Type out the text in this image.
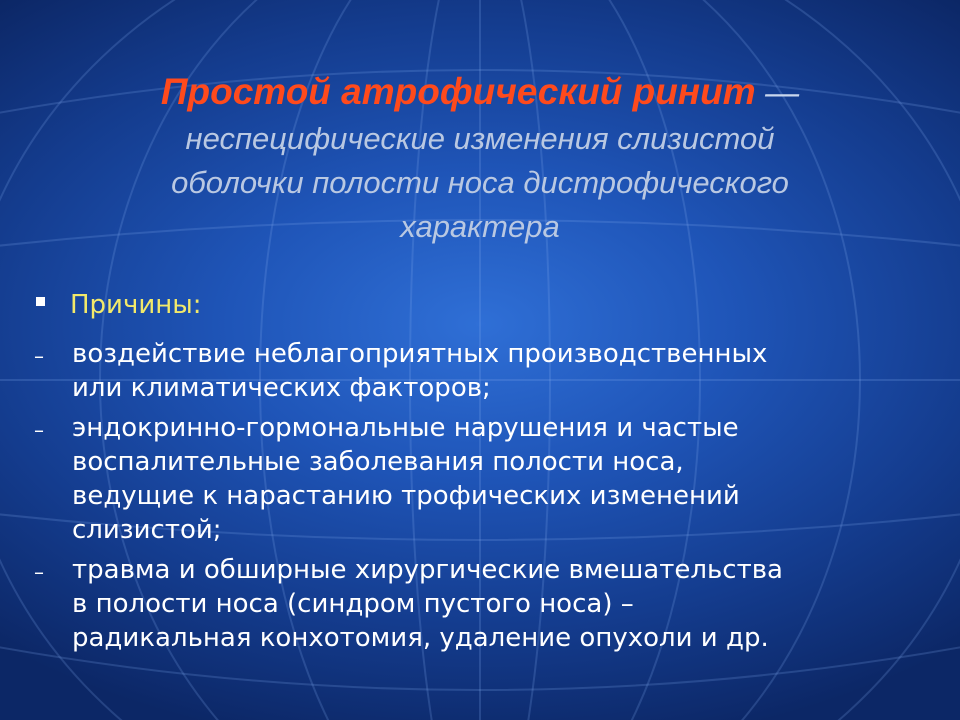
Простой атрофический ринит —
неспецифические изменения слизистой
оболочки полости носа дистрофического
характера
Причины:
–	воздействие неблагоприятных производственных
или климатических факторов;
–	эндокринно-гормональные нарушения и частые
воспалительные заболевания полости носа,
ведущие к нарастанию трофических изменений
слизистой;
–	травма и обширные хирургические вмешательства
в полости носа (синдром пустого носа) –
радикальная конхотомия, удаление опухоли и др.
